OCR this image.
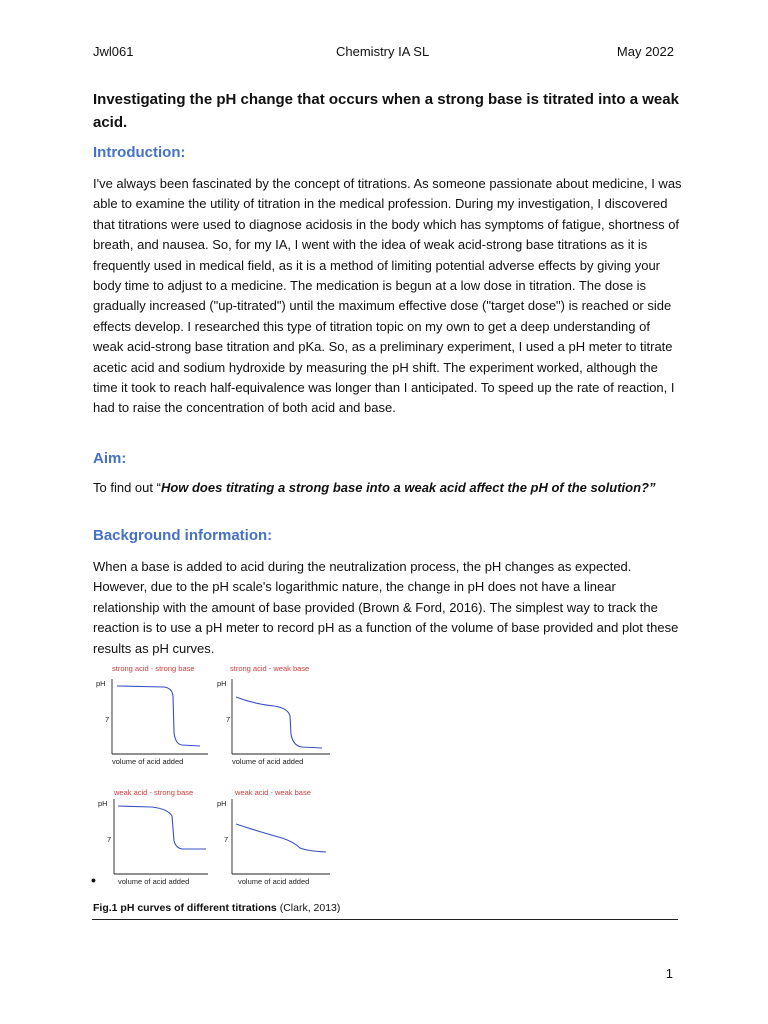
Jwl061	Chemistry IA SL	May 2022
Investigating the pH change that occurs when a strong base is titrated into a weak acid.
Introduction:

I've always been fascinated by the concept of titrations. As someone passionate about medicine, I was able to examine the utility of titration in the medical profession. During my investigation, I discovered that titrations were used to diagnose acidosis in the body which has symptoms of fatigue, shortness of breath, and nausea. So, for my IA, I went with the idea of weak acid-strong base titrations as it is frequently used in medical field, as it is a method of limiting potential adverse effects by giving your body time to adjust to a medicine. The medication is begun at a low dose in titration. The dose is gradually increased ("up-titrated") until the maximum effective dose ("target dose") is reached or side effects develop. I researched this type of titration topic on my own to get a deep understanding of weak acid-strong base titration and pKa. So, as a preliminary experiment, I used a pH meter to titrate acetic acid and sodium hydroxide by measuring the pH shift. The experiment worked, although the time it took to reach half-equivalence was longer than I anticipated. To speed up the rate of reaction, I had to raise the concentration of both acid and base.

Aim:

To find out “How does titrating a strong base into a weak acid affect the pH of the solution?”

Background information:

When a base is added to acid during the neutralization process, the pH changes as expected. However, due to the pH scale's logarithmic nature, the change in pH does not have a linear relationship with the amount of base provided (Brown & Ford, 2016). The simplest way to track the reaction is to use a pH meter to record pH as a function of the volume of base provided and plot these results as pH curves.

strong acid - strong base
pH
7
volume of acid added
strong acid - weak base
pH
7
volume of acid added
weak acid - strong base
pH
7
volume of acid added
weak acid - weak base
pH
7
volume of acid added
•

Fig.1 pH curves of different titrations (Clark, 2013)

1
